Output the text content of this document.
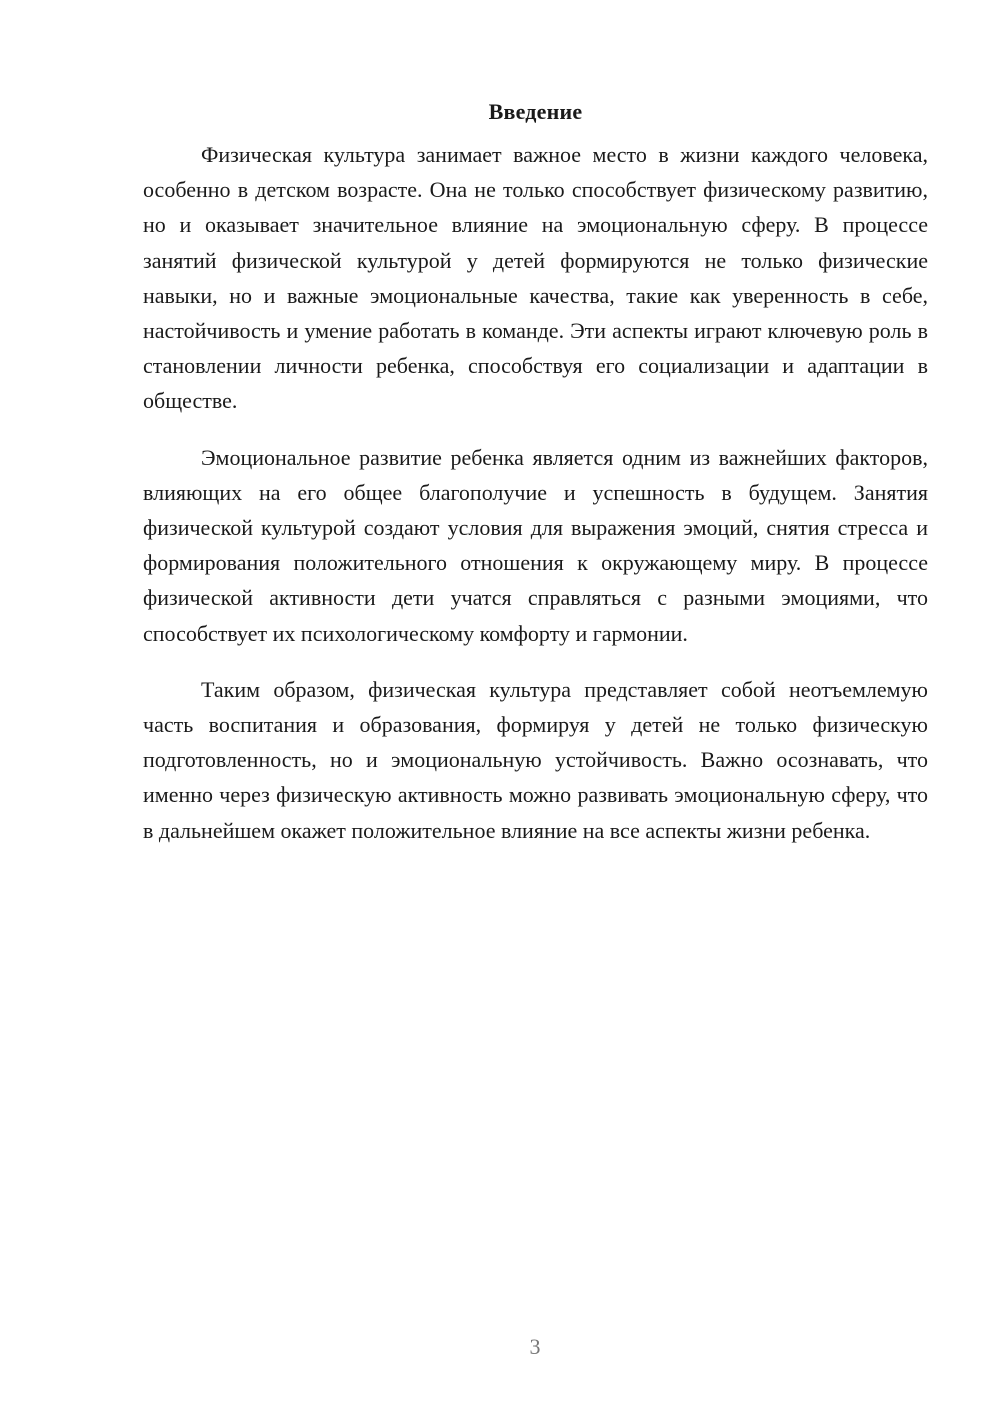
Введение

Физическая культура занимает важное место в жизни каждого человека, особенно в детском возрасте. Она не только способствует физическому развитию, но и оказывает значительное влияние на эмоциональную сферу. В процессе занятий физической культурой у детей формируются не только физические навыки, но и важные эмоциональные качества, такие как уверенность в себе, настойчивость и умение работать в команде. Эти аспекты играют ключевую роль в становлении личности ребенка, способствуя его социализации и адаптации в обществе.

Эмоциональное развитие ребенка является одним из важнейших факторов, влияющих на его общее благополучие и успешность в будущем. Занятия физической культурой создают условия для выражения эмоций, снятия стресса и формирования положительного отношения к окружающему миру. В процессе физической активности дети учатся справляться с разными эмоциями, что способствует их психологическому комфорту и гармонии.

Таким образом, физическая культура представляет собой неотъемлемую часть воспитания и образования, формируя у детей не только физическую подготовленность, но и эмоциональную устойчивость. Важно осознавать, что именно через физическую активность можно развивать эмоциональную сферу, что в дальнейшем окажет положительное влияние на все аспекты жизни ребенка.

3
